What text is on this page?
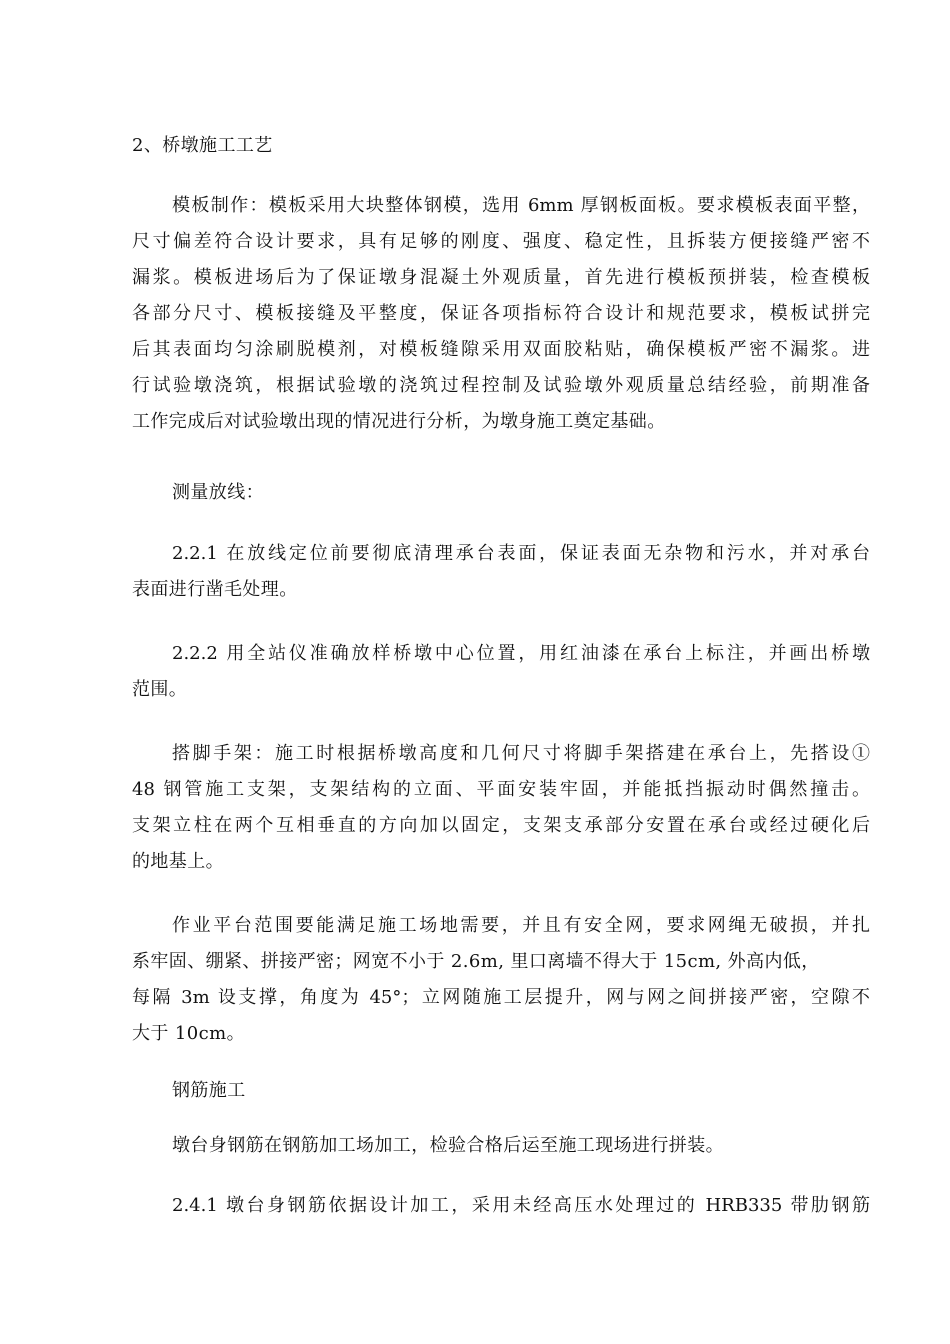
2、桥墩施工工艺
模板制作：模板采用大块整体钢模，选用 6mm 厚钢板面板。要求模板表面平整，
尺寸偏差符合设计要求，具有足够的刚度、强度、稳定性，且拆装方便接缝严密不
漏浆。模板进场后为了保证墩身混凝土外观质量，首先进行模板预拼装，检查模板
各部分尺寸、模板接缝及平整度，保证各项指标符合设计和规范要求，模板试拼完
后其表面均匀涂刷脱模剂，对模板缝隙采用双面胶粘贴，确保模板严密不漏浆。进
行试验墩浇筑，根据试验墩的浇筑过程控制及试验墩外观质量总结经验，前期准备
工作完成后对试验墩出现的情况进行分析，为墩身施工奠定基础。
测量放线：
2.2.1 在放线定位前要彻底清理承台表面，保证表面无杂物和污水，并对承台
表面进行凿毛处理。
2.2.2 用全站仪准确放样桥墩中心位置，用红油漆在承台上标注，并画出桥墩
范围。
搭脚手架：施工时根据桥墩高度和几何尺寸将脚手架搭建在承台上，先搭设①
48 钢管施工支架，支架结构的立面、平面安装牢固，并能抵挡振动时偶然撞击。
支架立柱在两个互相垂直的方向加以固定，支架支承部分安置在承台或经过硬化后
的地基上。
作业平台范围要能满足施工场地需要，并且有安全网，要求网绳无破损，并扎
系牢固、绷紧、拼接严密；网宽不小于 2.6m, 里口离墙不得大于 15cm, 外高内低，
每隔 3m 设支撑，角度为 45°；立网随施工层提升，网与网之间拼接严密，空隙不
大于 10cm。
钢筋施工
墩台身钢筋在钢筋加工场加工，检验合格后运至施工现场进行拼装。
2.4.1 墩台身钢筋依据设计加工，采用未经高压水处理过的 HRB335 带肋钢筋
